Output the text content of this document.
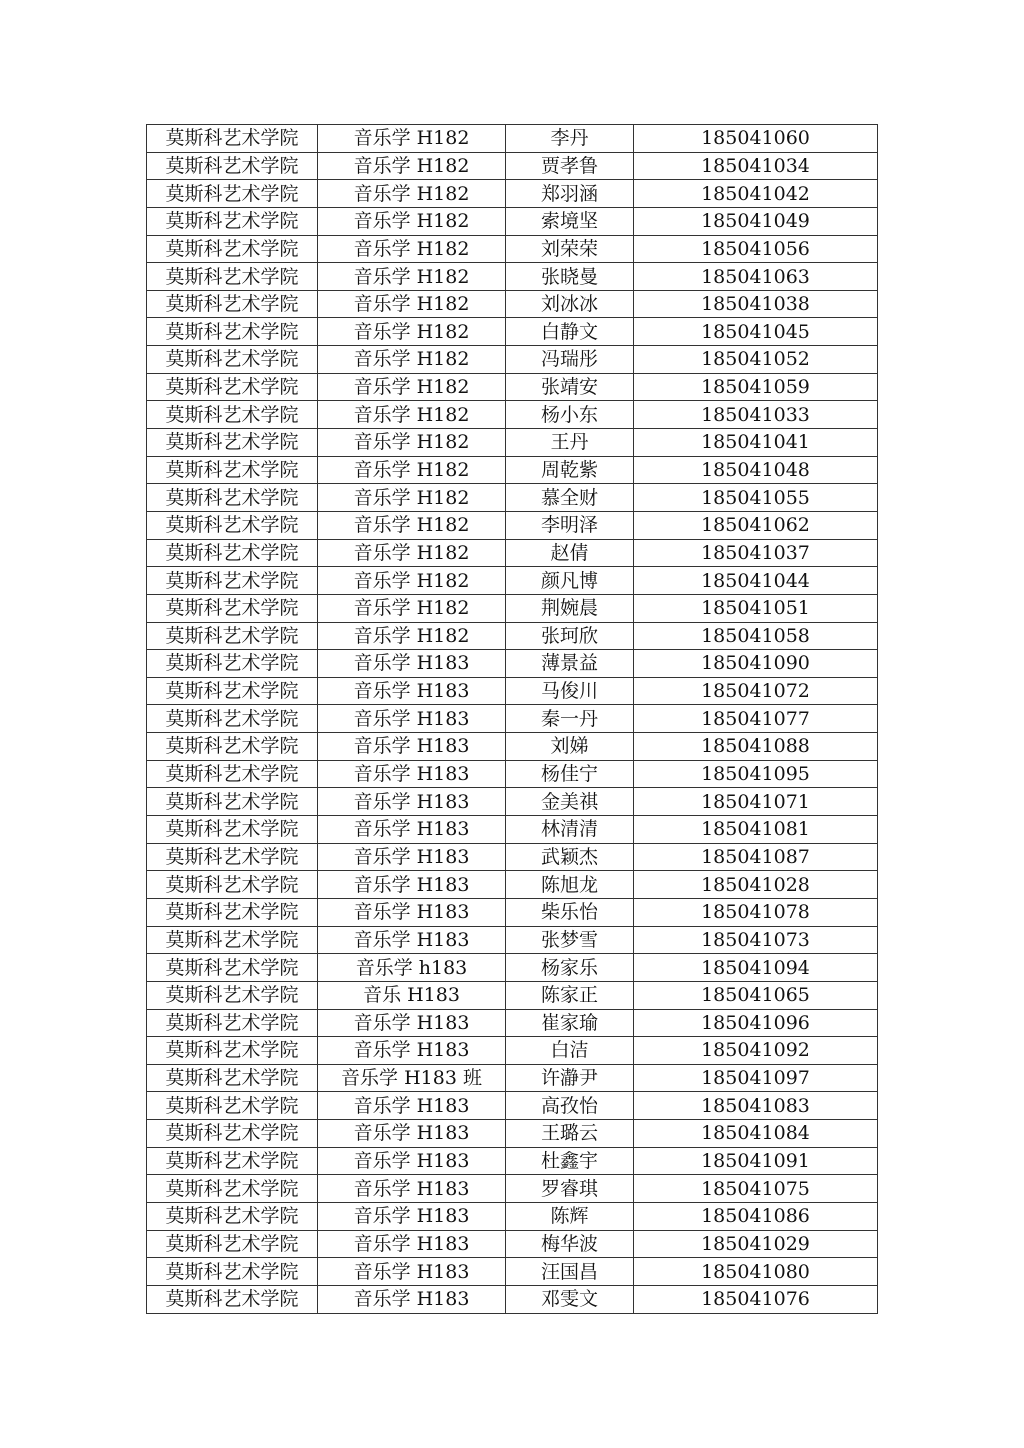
莫斯科艺术学院	音乐学 H182	李丹	185041060
莫斯科艺术学院	音乐学 H182	贾孝鲁	185041034
莫斯科艺术学院	音乐学 H182	郑羽涵	185041042
莫斯科艺术学院	音乐学 H182	索境坚	185041049
莫斯科艺术学院	音乐学 H182	刘荣荣	185041056
莫斯科艺术学院	音乐学 H182	张晓曼	185041063
莫斯科艺术学院	音乐学 H182	刘冰冰	185041038
莫斯科艺术学院	音乐学 H182	白静文	185041045
莫斯科艺术学院	音乐学 H182	冯瑞彤	185041052
莫斯科艺术学院	音乐学 H182	张靖安	185041059
莫斯科艺术学院	音乐学 H182	杨小东	185041033
莫斯科艺术学院	音乐学 H182	王丹	185041041
莫斯科艺术学院	音乐学 H182	周乾紫	185041048
莫斯科艺术学院	音乐学 H182	慕全财	185041055
莫斯科艺术学院	音乐学 H182	李明泽	185041062
莫斯科艺术学院	音乐学 H182	赵倩	185041037
莫斯科艺术学院	音乐学 H182	颜凡博	185041044
莫斯科艺术学院	音乐学 H182	荆婉晨	185041051
莫斯科艺术学院	音乐学 H182	张珂欣	185041058
莫斯科艺术学院	音乐学 H183	薄景益	185041090
莫斯科艺术学院	音乐学 H183	马俊川	185041072
莫斯科艺术学院	音乐学 H183	秦一丹	185041077
莫斯科艺术学院	音乐学 H183	刘娣	185041088
莫斯科艺术学院	音乐学 H183	杨佳宁	185041095
莫斯科艺术学院	音乐学 H183	金美祺	185041071
莫斯科艺术学院	音乐学 H183	林清清	185041081
莫斯科艺术学院	音乐学 H183	武颖杰	185041087
莫斯科艺术学院	音乐学 H183	陈旭龙	185041028
莫斯科艺术学院	音乐学 H183	柴乐怡	185041078
莫斯科艺术学院	音乐学 H183	张梦雪	185041073
莫斯科艺术学院	音乐学 h183	杨家乐	185041094
莫斯科艺术学院	音乐 H183	陈家正	185041065
莫斯科艺术学院	音乐学 H183	崔家瑜	185041096
莫斯科艺术学院	音乐学 H183	白洁	185041092
莫斯科艺术学院	音乐学 H183 班	许瀞尹	185041097
莫斯科艺术学院	音乐学 H183	高孜怡	185041083
莫斯科艺术学院	音乐学 H183	王璐云	185041084
莫斯科艺术学院	音乐学 H183	杜鑫宇	185041091
莫斯科艺术学院	音乐学 H183	罗睿琪	185041075
莫斯科艺术学院	音乐学 H183	陈辉	185041086
莫斯科艺术学院	音乐学 H183	梅华波	185041029
莫斯科艺术学院	音乐学 H183	汪国昌	185041080
莫斯科艺术学院	音乐学 H183	邓雯文	185041076
